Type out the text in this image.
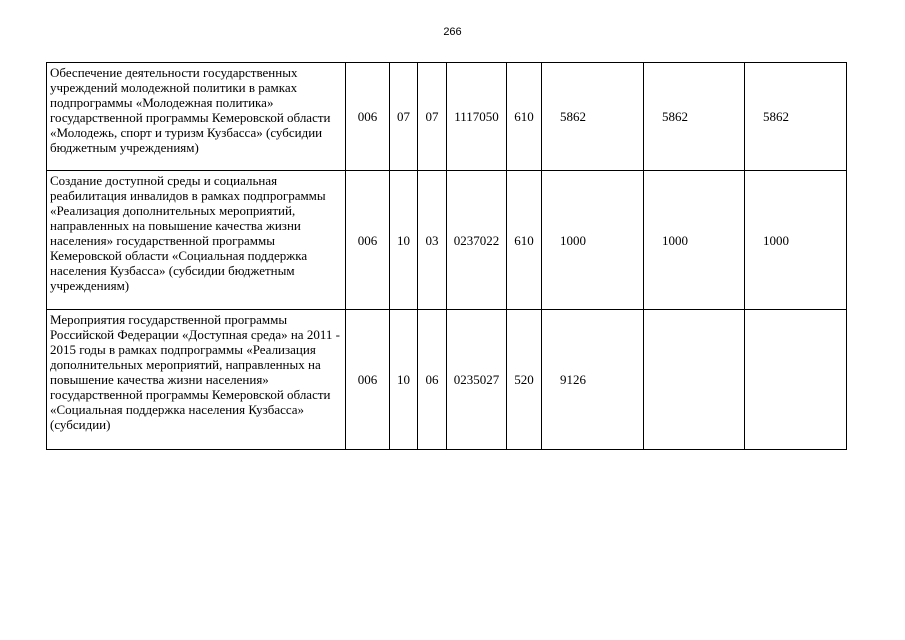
266
Обеспечение деятельности государственных учреждений молодежной политики в рамках подпрограммы «Молодежная политика» государственной программы Кемеровской области «Молодежь, спорт и туризм Кузбасса» (субсидии бюджетным учреждениям)	006	07	07	1117050	610	5862	5862	5862
Создание доступной среды и социальная реабилитация инвалидов в рамках подпрограммы «Реализация дополнительных мероприятий, направленных на повышение качества жизни населения» государственной программы Кемеровской области «Социальная поддержка населения Кузбасса» (субсидии бюджетным учреждениям)	006	10	03	0237022	610	1000	1000	1000
Мероприятия государственной программы Российской Федерации «Доступная среда» на 2011 - 2015 годы в рамках подпрограммы «Реализация дополнительных мероприятий, направленных на повышение качества жизни населения» государственной программы Кемеровской области «Социальная поддержка населения Кузбасса» (субсидии)	006	10	06	0235027	520	9126		
